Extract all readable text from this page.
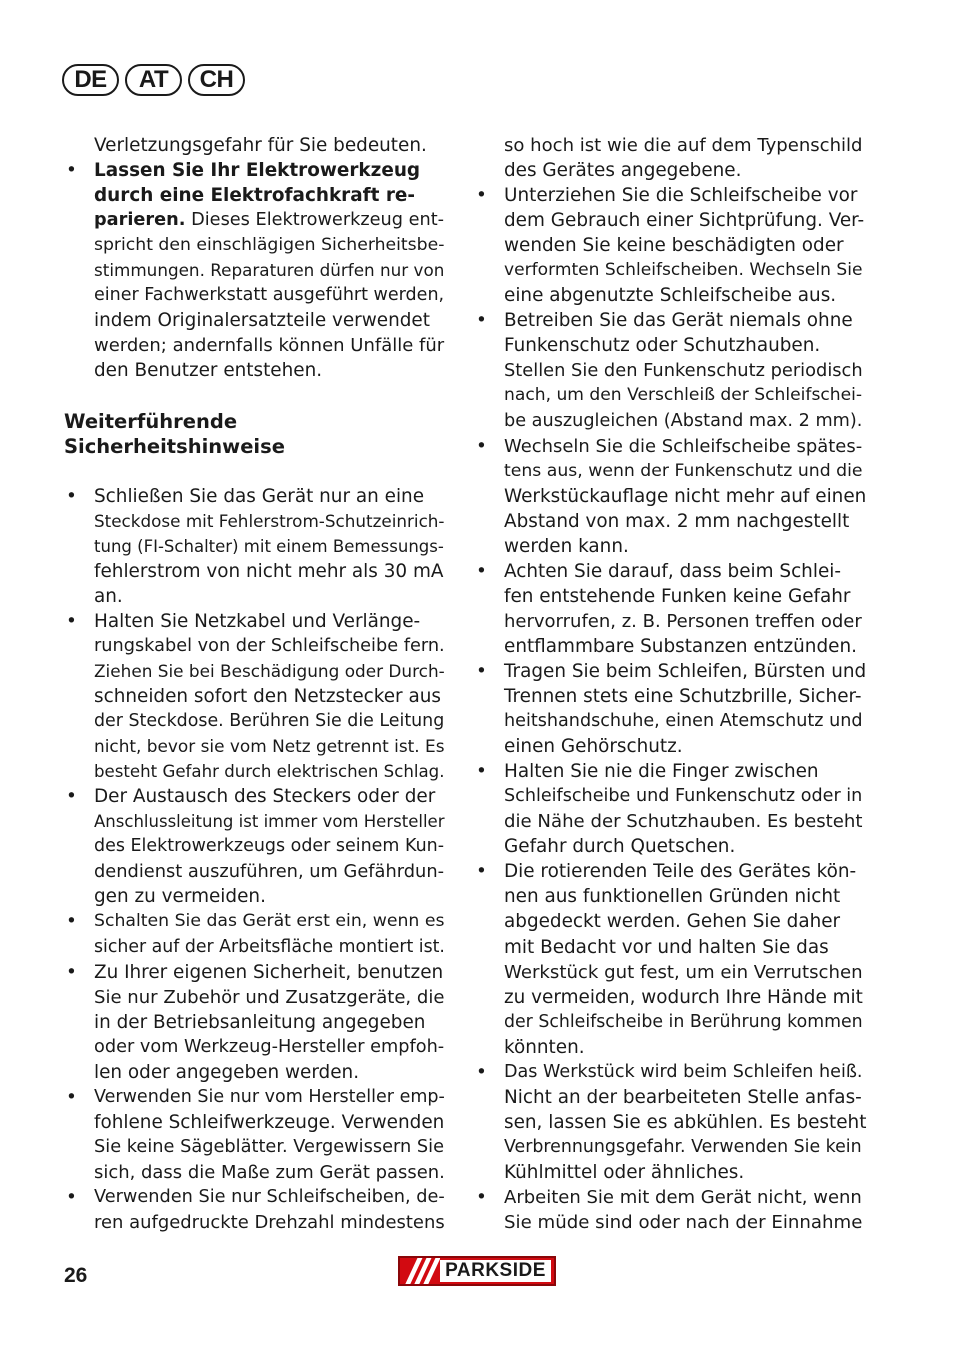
DE	AT	CH
Verletzungsgefahr für Sie bedeuten.
• Lassen Sie Ihr Elektrowerkzeug
durch eine Elektrofachkraft re-
parieren. Dieses Elektrowerkzeug ent-
spricht den einschlägigen Sicherheitsbe-
stimmungen. Reparaturen dürfen nur von
einer Fachwerkstatt ausgeführt werden,
indem Originalersatzteile verwendet
werden; andernfalls können Unfälle für
den Benutzer entstehen.
Weiterführende
Sicherheitshinweise
• Schließen Sie das Gerät nur an eine
Steckdose mit Fehlerstrom-Schutzeinrich-
tung (FI-Schalter) mit einem Bemessungs-
fehlerstrom von nicht mehr als 30 mA
an.
• Halten Sie Netzkabel und Verlänge-
rungskabel von der Schleifscheibe fern.
Ziehen Sie bei Beschädigung oder Durch-
schneiden sofort den Netzstecker aus
der Steckdose. Berühren Sie die Leitung
nicht, bevor sie vom Netz getrennt ist. Es
besteht Gefahr durch elektrischen Schlag.
• Der Austausch des Steckers oder der
Anschlussleitung ist immer vom Hersteller
des Elektrowerkzeugs oder seinem Kun-
dendienst auszuführen, um Gefährdun-
gen zu vermeiden.
• Schalten Sie das Gerät erst ein, wenn es
sicher auf der Arbeitsfläche montiert ist.
• Zu Ihrer eigenen Sicherheit, benutzen
Sie nur Zubehör und Zusatzgeräte, die
in der Betriebsanleitung angegeben
oder vom Werkzeug-Hersteller empfoh-
len oder angegeben werden.
• Verwenden Sie nur vom Hersteller emp-
fohlene Schleifwerkzeuge. Verwenden
Sie keine Sägeblätter. Vergewissern Sie
sich, dass die Maße zum Gerät passen.
• Verwenden Sie nur Schleifscheiben, de-
ren aufgedruckte Drehzahl mindestens
so hoch ist wie die auf dem Typenschild
des Gerätes angegebene.
• Unterziehen Sie die Schleifscheibe vor
dem Gebrauch einer Sichtprüfung. Ver-
wenden Sie keine beschädigten oder
verformten Schleifscheiben. Wechseln Sie
eine abgenutzte Schleifscheibe aus.
• Betreiben Sie das Gerät niemals ohne
Funkenschutz oder Schutzhauben.
Stellen Sie den Funkenschutz periodisch
nach, um den Verschleiß der Schleifschei-
be auszugleichen (Abstand max. 2 mm).
• Wechseln Sie die Schleifscheibe spätes-
tens aus, wenn der Funkenschutz und die
Werkstückauflage nicht mehr auf einen
Abstand von max. 2 mm nachgestellt
werden kann.
• Achten Sie darauf, dass beim Schlei-
fen entstehende Funken keine Gefahr
hervorrufen, z. B. Personen treffen oder
entflammbare Substanzen entzünden.
• Tragen Sie beim Schleifen, Bürsten und
Trennen stets eine Schutzbrille, Sicher-
heitshandschuhe, einen Atemschutz und
einen Gehörschutz.
• Halten Sie nie die Finger zwischen
Schleifscheibe und Funkenschutz oder in
die Nähe der Schutzhauben. Es besteht
Gefahr durch Quetschen.
• Die rotierenden Teile des Gerätes kön-
nen aus funktionellen Gründen nicht
abgedeckt werden. Gehen Sie daher
mit Bedacht vor und halten Sie das
Werkstück gut fest, um ein Verrutschen
zu vermeiden, wodurch Ihre Hände mit
der Schleifscheibe in Berührung kommen
könnten.
• Das Werkstück wird beim Schleifen heiß.
Nicht an der bearbeiteten Stelle anfas-
sen, lassen Sie es abkühlen. Es besteht
Verbrennungsgefahr. Verwenden Sie kein
Kühlmittel oder ähnliches.
• Arbeiten Sie mit dem Gerät nicht, wenn
Sie müde sind oder nach der Einnahme
26	PARKSIDE
